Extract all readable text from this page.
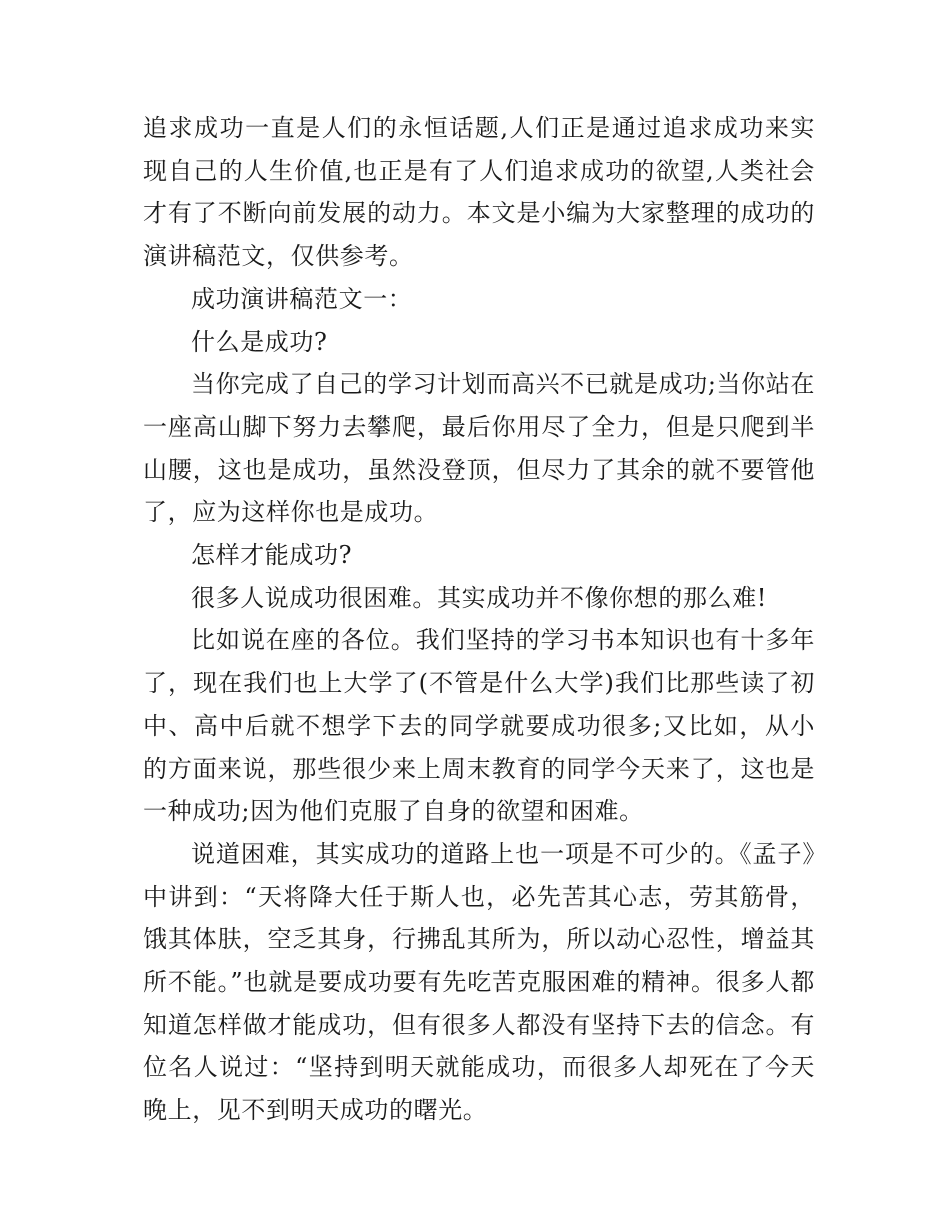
追求成功一直是人们的永恒话题,人们正是通过追求成功来实现自己的人生价值,也正是有了人们追求成功的欲望,人类社会才有了不断向前发展的动力。本文是小编为大家整理的成功的演讲稿范文，仅供参考。

成功演讲稿范文一：

什么是成功?

当你完成了自己的学习计划而高兴不已就是成功;当你站在一座高山脚下努力去攀爬，最后你用尽了全力，但是只爬到半山腰，这也是成功，虽然没登顶，但尽力了其余的就不要管他了，应为这样你也是成功。

怎样才能成功?

很多人说成功很困难。其实成功并不像你想的那么难!

比如说在座的各位。我们坚持的学习书本知识也有十多年了，现在我们也上大学了(不管是什么大学)我们比那些读了初中、高中后就不想学下去的同学就要成功很多;又比如，从小的方面来说，那些很少来上周末教育的同学今天来了，这也是一种成功;因为他们克服了自身的欲望和困难。

说道困难，其实成功的道路上也一项是不可少的。《孟子》中讲到：“天将降大任于斯人也，必先苦其心志，劳其筋骨，饿其体肤，空乏其身，行拂乱其所为，所以动心忍性，增益其所不能。”也就是要成功要有先吃苦克服困难的精神。很多人都知道怎样做才能成功，但有很多人都没有坚持下去的信念。有位名人说过：“坚持到明天就能成功，而很多人却死在了今天晚上，见不到明天成功的曙光。
